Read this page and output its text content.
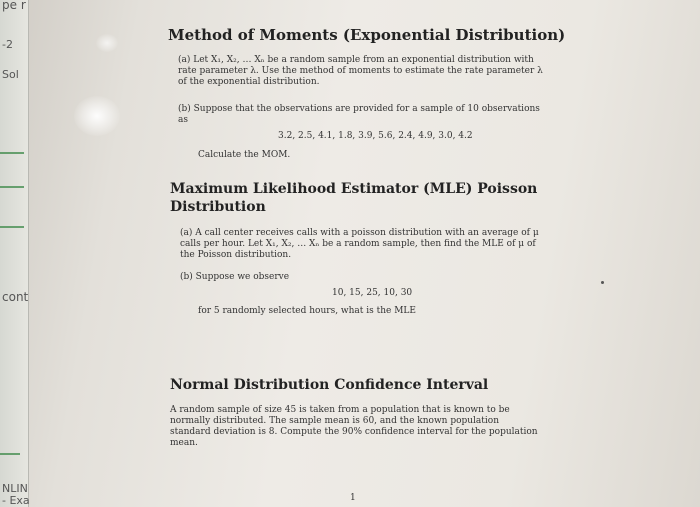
pe r
-2
Sol
cont
NLIN
- Exa
Method of Moments (Exponential Distribution)

(a) Let X₁, X₂, … Xₙ be a random sample from an exponential distribution with rate parameter λ. Use the method of moments to estimate the rate parameter λ of the exponential distribution.

(b) Suppose that the observations are provided for a sample of 10 observations as

3.2, 2.5, 4.1, 1.8, 3.9, 5.6, 2.4, 4.9, 3.0, 4.2
Calculate the MOM.
Maximum Likelihood Estimator (MLE) Poisson Distribution

(a) A call center receives calls with a poisson distribution with an average of μ calls per hour. Let X₁, X₂, … Xₙ be a random sample, then find the MLE of μ of the Poisson distribution.

(b) Suppose we observe
10, 15, 25, 10, 30
for 5 randomly selected hours, what is the MLE
Normal Distribution Confidence Interval

A random sample of size 45 is taken from a population that is known to be normally distributed. The sample mean is 60, and the known population standard deviation is 8. Compute the 90% confidence interval for the population mean.

1
